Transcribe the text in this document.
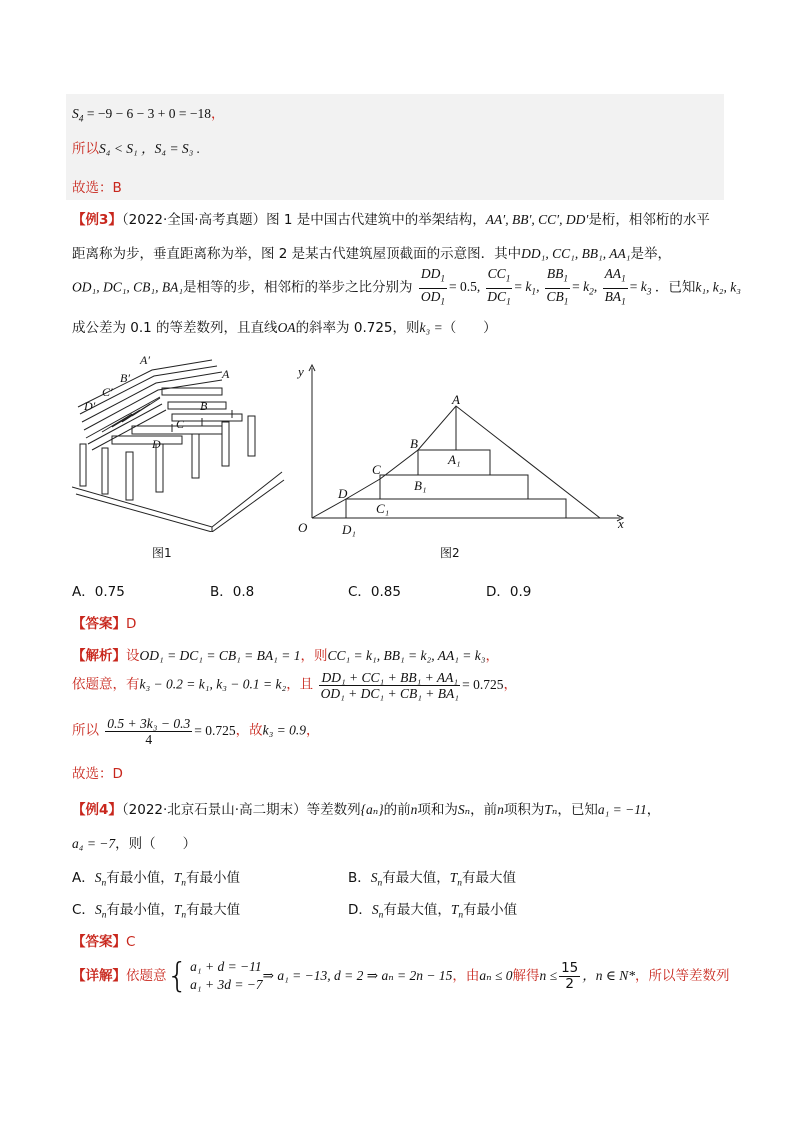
$S_4 = -9 - 6 - 3 + 0 = -18$，
所以S₄ < S₁ ，S₄ = S₃ .
故选：B
【例3】（2022·全国·高考真题）图 1 是中国古代建筑中的举架结构，AA′, BB′, CC′, DD′是桁，相邻桁的水平
距离称为步，垂直距离称为举，图 2 是某古代建筑屋顶截面的示意图．其中DD₁, CC₁, BB₁, AA₁是举，
OD₁, DC₁, CB₁, BA₁是相等的步，相邻桁的举步之比分别为 $\frac{DD_1}{OD_1} = 0.5$, $\frac{CC_1}{DC_1} = k_1$, $\frac{BB_1}{CB_1} = k_2$, $\frac{AA_1}{BA_1} = k_3$ ．已知k₁, k₂, k₃
成公差为 0.1 的等差数列，且直线OA的斜率为 0.725，则k₃ =（　　）
A′
B′
C′
D′
A
B
C
D
图1
y
x
O
A
B
C
D
A₁
B₁
C₁
D₁
图2
A．0.75	B．0.8	C．0.85	D．0.9
【答案】D
【解析】设OD₁ = DC₁ = CB₁ = BA₁ = 1，则CC₁ = k₁, BB₁ = k₂, AA₁ = k₃，
依题意，有k₃ − 0.2 = k₁, k₃ − 0.1 = k₂，且 $\frac{\text{DD₁ + CC₁ + BB₁ + AA₁}}{\text{OD₁ + DC₁ + CB₁ + BA₁}} = 0.725$，
所以 $\frac{\text{0.5 + 3k₃ − 0.3}}{4} = 0.725$，故k₃ = 0.9，
故选：D
【例4】（2022·北京石景山·高二期末）等差数列{aₙ}的前n项和为Sₙ，前n项积为Tₙ，已知a₁ = −11，
a₄ = −7，则（　　）
A．$S_n$有最小值，$T_n$有最小值	B．$S_n$有最大值，$T_n$有最大值
C．$S_n$有最小值，$T_n$有最大值	D．$S_n$有最大值，$T_n$有最小值
【答案】C
【详解】依题意{ a₁ + d = −11
a₁ + 3d = −7
⇒ a₁ = −13, d = 2 ⇒ aₙ = 2n − 15，由aₙ ≤ 0解得$n \le \frac{15}{2}$ ，n ∈ N*，所以等差数列
